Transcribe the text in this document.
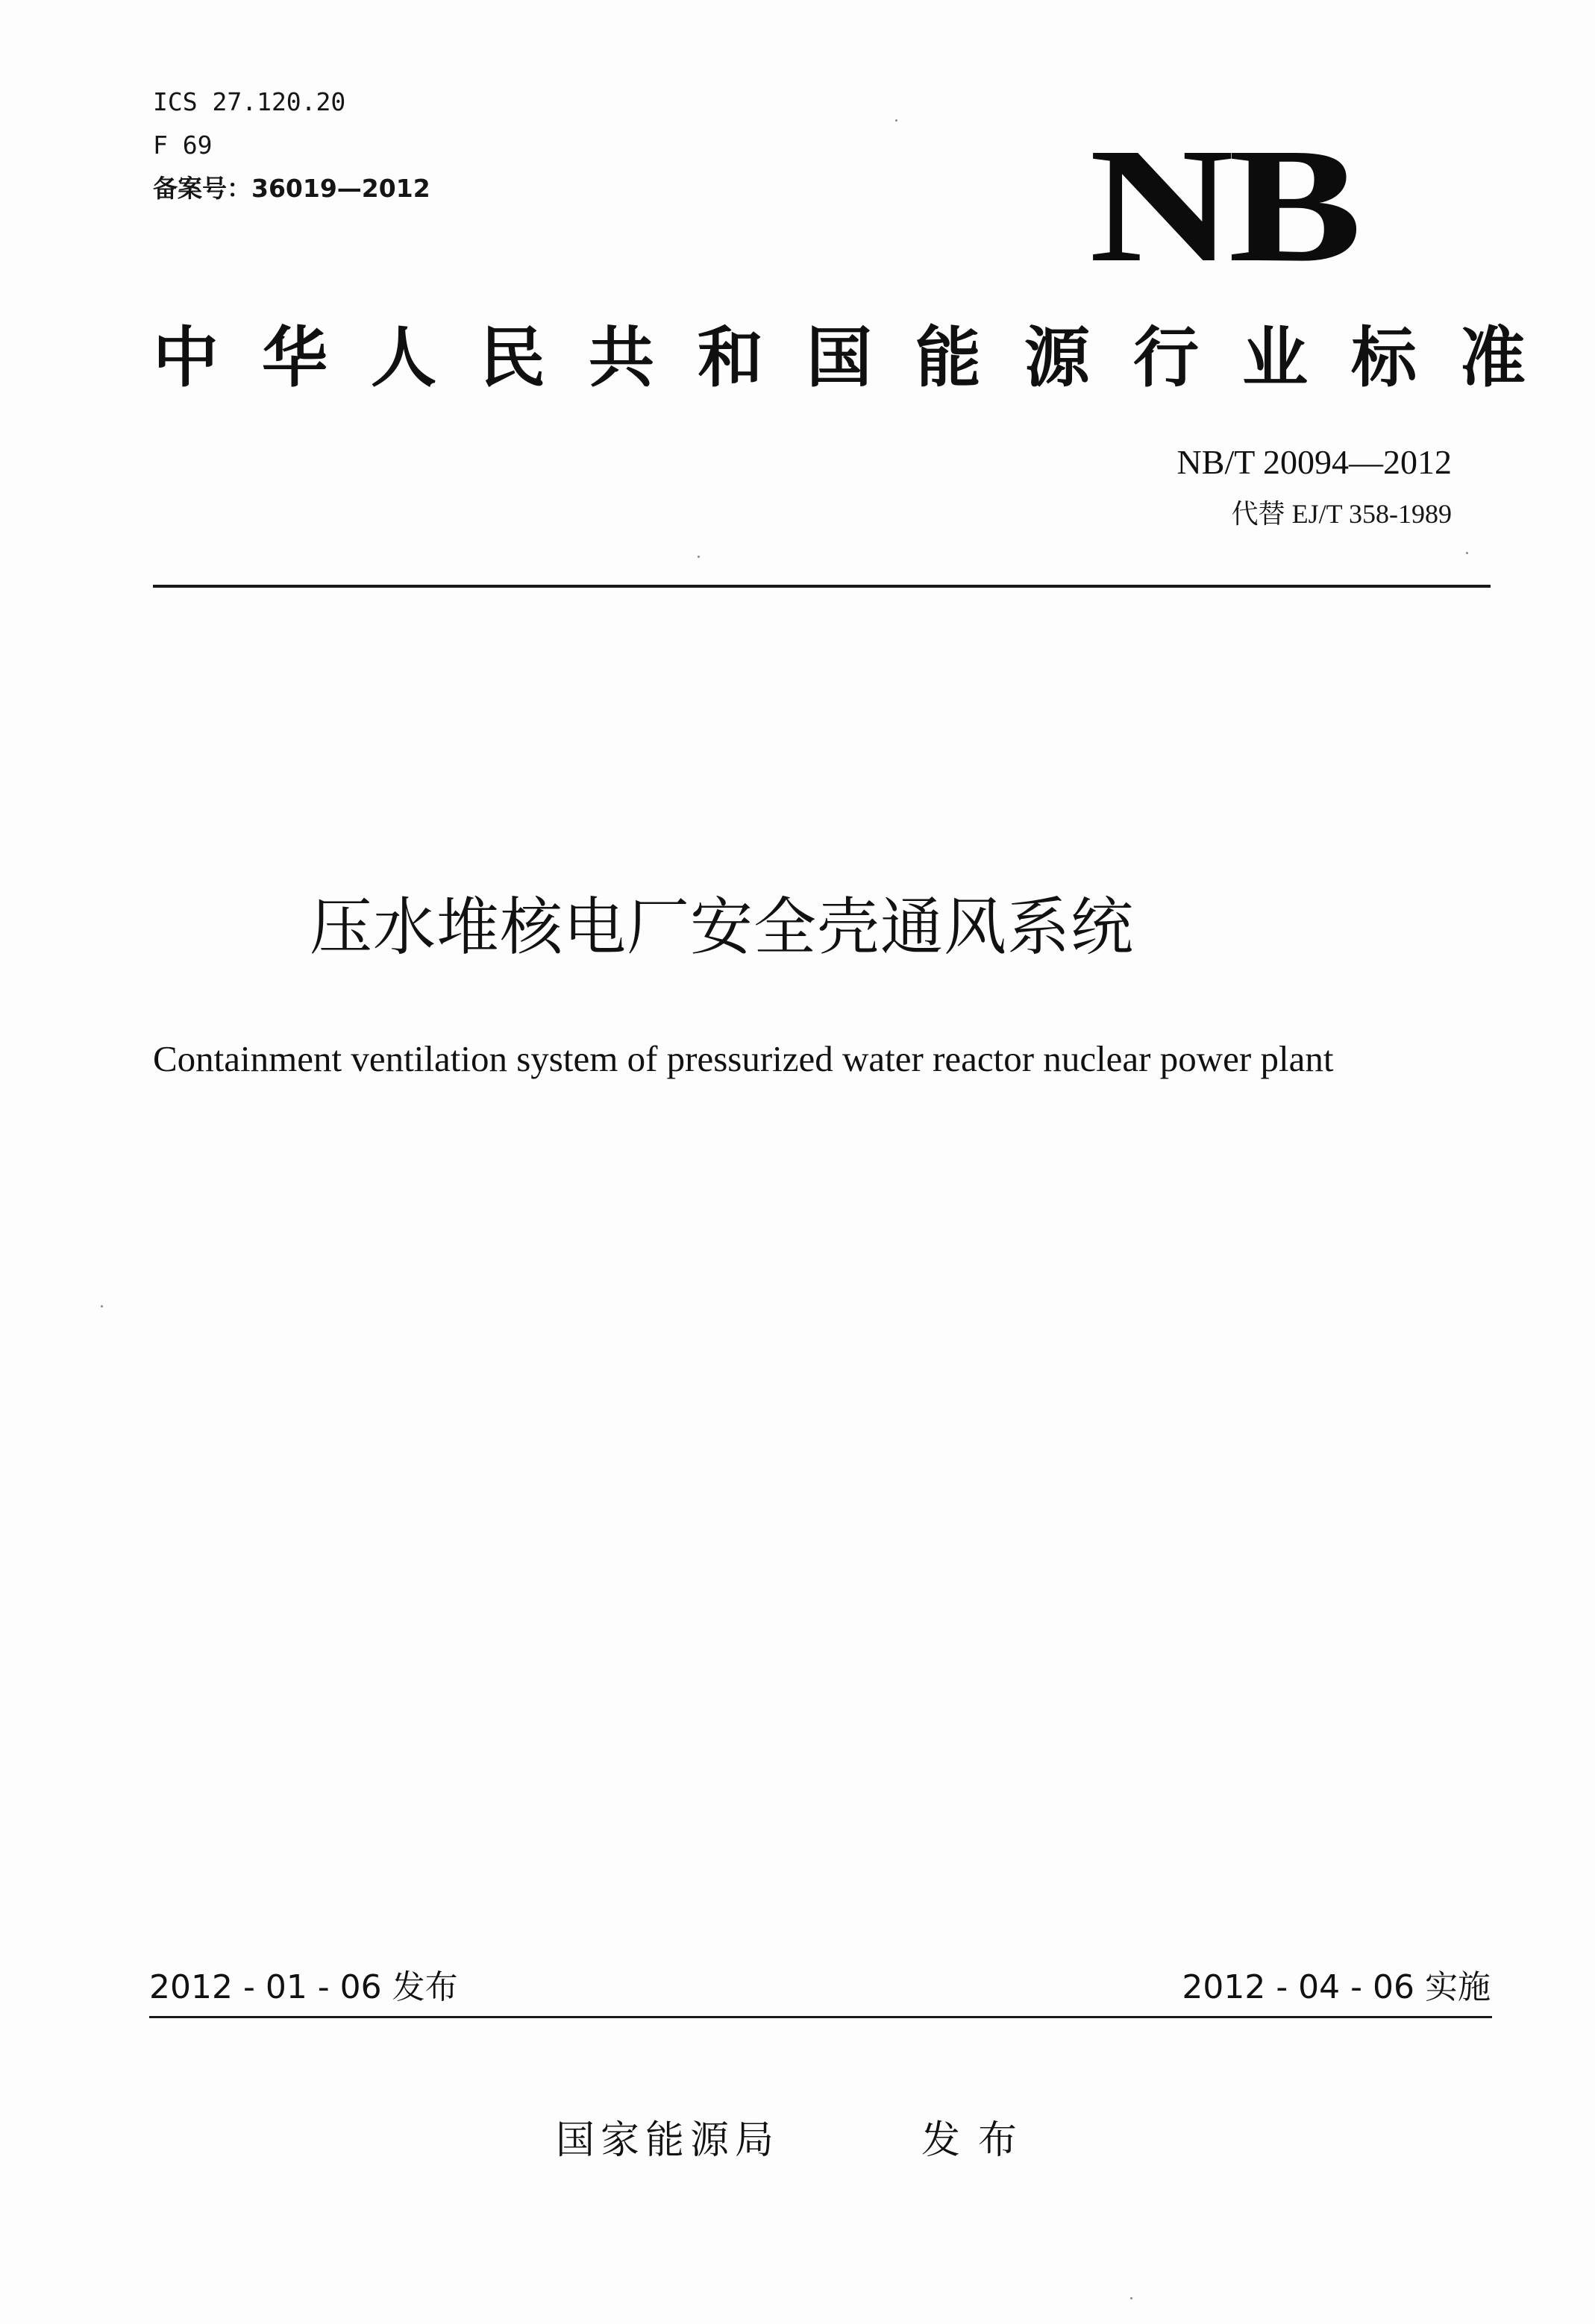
ICS 27.120.20
F 69
备案号：36019—2012	NB
中华人民共和国能源行业标准
NB/T 20094—2012
代替 EJ/T 358-1989
压水堆核电厂安全壳通风系统
Containment ventilation system of pressurized water reactor nuclear power plant
2012 - 01 - 06 发布	2012 - 04 - 06 实施
国家能源局	发布
